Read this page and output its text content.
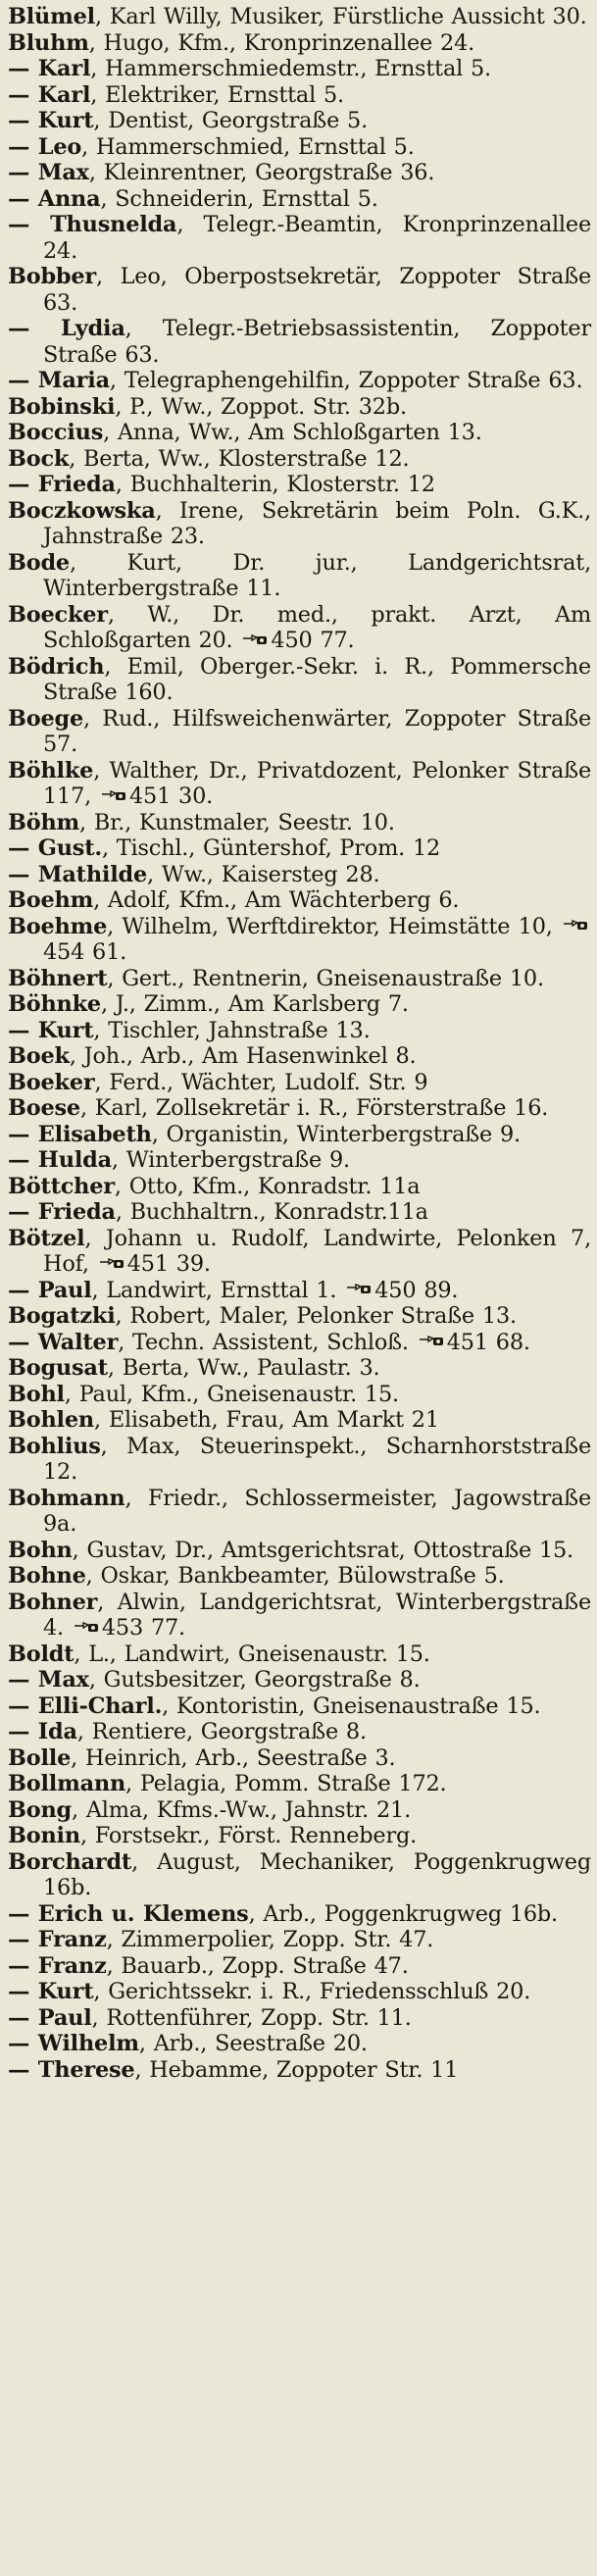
Blümel, Karl Willy, Musiker, Fürstliche Aussicht 30.
Bluhm, Hugo, Kfm., Kronprinzenallee 24.
— Karl, Hammerschmiedemstr., Ernsttal 5.
— Karl, Elektriker, Ernsttal 5.
— Kurt, Dentist, Georgstraße 5.
— Leo, Hammerschmied, Ernsttal 5.
— Max, Kleinrentner, Georgstraße 36.
— Anna, Schneiderin, Ernsttal 5.
— Thusnelda, Telegr.-Beamtin, Kronprinzenallee 24.
Bobber, Leo, Oberpostsekretär, Zoppoter Straße 63.
— Lydia, Telegr.-Betriebsassistentin, Zoppoter Straße 63.
— Maria, Telegraphengehilfin, Zoppoter Straße 63.
Bobinski, P., Ww., Zoppot. Str. 32b.
Boccius, Anna, Ww., Am Schloßgarten 13.
Bock, Berta, Ww., Klosterstraße 12.
— Frieda, Buchhalterin, Klosterstr. 12
Boczkowska, Irene, Sekretärin beim Poln. G.K., Jahnstraße 23.
Bode, Kurt, Dr. jur., Landgerichtsrat, Winterbergstraße 11.
Boecker, W., Dr. med., prakt. Arzt, Am Schloßgarten 20. 450 77.
Bödrich, Emil, Oberger.-Sekr. i. R., Pommersche Straße 160.
Boege, Rud., Hilfsweichenwärter, Zoppoter Straße 57.
Böhlke, Walther, Dr., Privatdozent, Pelonker Straße 117, 451 30.
Böhm, Br., Kunstmaler, Seestr. 10.
— Gust., Tischl., Güntershof, Prom. 12
— Mathilde, Ww., Kaisersteg 28.
Boehm, Adolf, Kfm., Am Wächterberg 6.
Boehme, Wilhelm, Werftdirektor, Heimstätte 10,
454 61.
Böhnert, Gert., Rentnerin, Gneisenaustraße 10.
Böhnke, J., Zimm., Am Karlsberg 7.
— Kurt, Tischler, Jahnstraße 13.
Boek, Joh., Arb., Am Hasenwinkel 8.
Boeker, Ferd., Wächter, Ludolf. Str. 9
Boese, Karl, Zollsekretär i. R., Försterstraße 16.
— Elisabeth, Organistin, Winterbergstraße 9.
— Hulda, Winterbergstraße 9.
Böttcher, Otto, Kfm., Konradstr. 11a
— Frieda, Buchhaltrn., Konradstr.11a
Bötzel, Johann u. Rudolf, Landwirte, Pelonken 7, Hof, 451 39.
— Paul, Landwirt, Ernsttal 1. 450 89.
Bogatzki, Robert, Maler, Pelonker Straße 13.
— Walter, Techn. Assistent, Schloß. 451 68.
Bogusat, Berta, Ww., Paulastr. 3.
Bohl, Paul, Kfm., Gneisenaustr. 15.
Bohlen, Elisabeth, Frau, Am Markt 21
Bohlius, Max, Steuerinspekt., Scharnhorststraße 12.
Bohmann, Friedr., Schlossermeister, Jagowstraße 9a.
Bohn, Gustav, Dr., Amtsgerichtsrat, Ottostraße 15.
Bohne, Oskar, Bankbeamter, Bülowstraße 5.
Bohner, Alwin, Landgerichtsrat, Winterbergstraße 4. 453 77.
Boldt, L., Landwirt, Gneisenaustr. 15.
— Max, Gutsbesitzer, Georgstraße 8.
— Elli-Charl., Kontoristin, Gneisenaustraße 15.
— Ida, Rentiere, Georgstraße 8.
Bolle, Heinrich, Arb., Seestraße 3.
Bollmann, Pelagia, Pomm. Straße 172.
Bong, Alma, Kfms.-Ww., Jahnstr. 21.
Bonin, Forstsekr., Först. Renneberg.
Borchardt, August, Mechaniker, Poggenkrugweg 16b.
— Erich u. Klemens, Arb., Poggenkrugweg 16b.
— Franz, Zimmerpolier, Zopp. Str. 47.
— Franz, Bauarb., Zopp. Straße 47.
— Kurt, Gerichtssekr. i. R., Friedensschluß 20.
— Paul, Rottenführer, Zopp. Str. 11.
— Wilhelm, Arb., Seestraße 20.
— Therese, Hebamme, Zoppoter Str. 11
